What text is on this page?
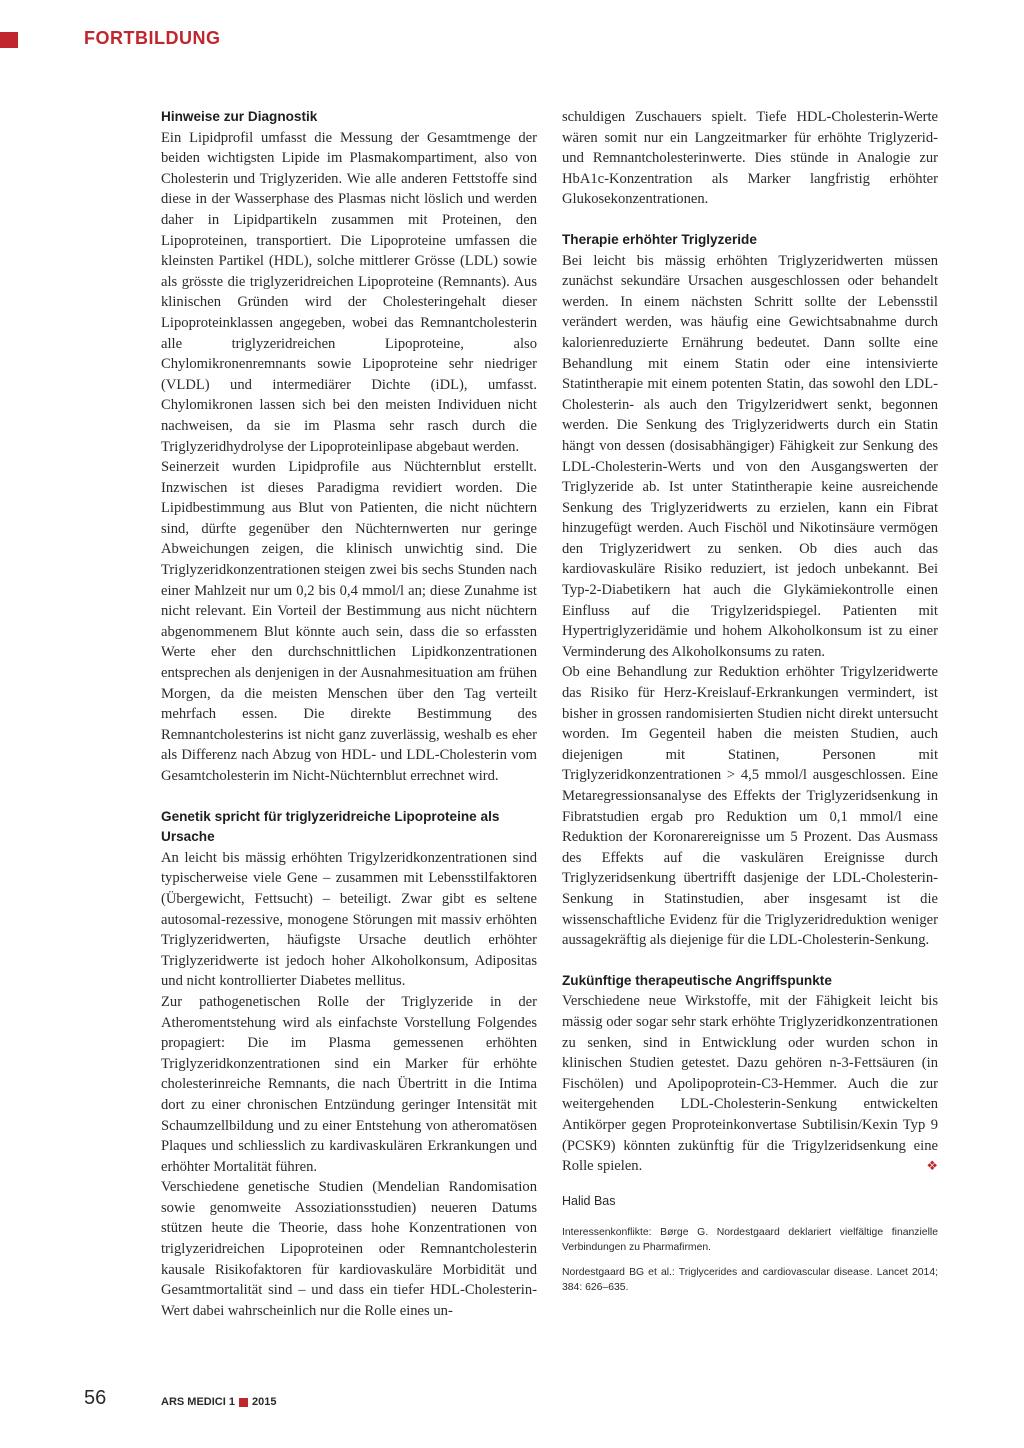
FORTBILDUNG
Hinweise zur Diagnostik

Ein Lipidprofil umfasst die Messung der Gesamtmenge der beiden wichtigsten Lipide im Plasmakompartiment, also von Cholesterin und Triglyzeriden. Wie alle anderen Fettstoffe sind diese in der Wasserphase des Plasmas nicht löslich und werden daher in Lipidpartikeln zusammen mit Proteinen, den Lipoproteinen, transportiert. Die Lipoproteine umfassen die kleinsten Partikel (HDL), solche mittlerer Grösse (LDL) sowie als grösste die triglyzeridreichen Lipoproteine (Remnants). Aus klinischen Gründen wird der Cholesteringehalt dieser Lipoproteinklassen angegeben, wobei das Remnantcholesterin alle triglyzeridreichen Lipoproteine, also Chylomikronenremnants sowie Lipoproteine sehr niedriger (VLDL) und intermediärer Dichte (iDL), umfasst. Chylomikronen lassen sich bei den meisten Individuen nicht nachweisen, da sie im Plasma sehr rasch durch die Triglyzeridhydrolyse der Lipoproteinlipase abgebaut werden.

Seinerzeit wurden Lipidprofile aus Nüchternblut erstellt. Inzwischen ist dieses Paradigma revidiert worden. Die Lipidbestimmung aus Blut von Patienten, die nicht nüchtern sind, dürfte gegenüber den Nüchternwerten nur geringe Abweichungen zeigen, die klinisch unwichtig sind. Die Triglyzeridkonzentrationen steigen zwei bis sechs Stunden nach einer Mahlzeit nur um 0,2 bis 0,4 mmol/l an; diese Zunahme ist nicht relevant. Ein Vorteil der Bestimmung aus nicht nüchtern abgenommenem Blut könnte auch sein, dass die so erfassten Werte eher den durchschnittlichen Lipidkonzentrationen entsprechen als denjenigen in der Ausnahmesituation am frühen Morgen, da die meisten Menschen über den Tag verteilt mehrfach essen. Die direkte Bestimmung des Remnantcholesterins ist nicht ganz zuverlässig, weshalb es eher als Differenz nach Abzug von HDL- und LDL-Cholesterin vom Gesamtcholesterin im Nicht-Nüchternblut errechnet wird.

Genetik spricht für triglyzeridreiche Lipoproteine als Ursache

An leicht bis mässig erhöhten Trigylzeridkonzentrationen sind typischerweise viele Gene – zusammen mit Lebensstilfaktoren (Übergewicht, Fettsucht) – beteiligt. Zwar gibt es seltene autosomal-rezessive, monogene Störungen mit massiv erhöhten Triglyzeridwerten, häufigste Ursache deutlich erhöhter Triglyzeridwerte ist jedoch hoher Alkoholkonsum, Adipositas und nicht kontrollierter Diabetes mellitus.

Zur pathogenetischen Rolle der Triglyzeride in der Atheromentstehung wird als einfachste Vorstellung Folgendes propagiert: Die im Plasma gemessenen erhöhten Triglyzeridkonzentrationen sind ein Marker für erhöhte cholesterinreiche Remnants, die nach Übertritt in die Intima dort zu einer chronischen Entzündung geringer Intensität mit Schaumzellbildung und zu einer Entstehung von atheromatösen Plaques und schliesslich zu kardivaskulären Erkrankungen und erhöhter Mortalität führen.

Verschiedene genetische Studien (Mendelian Randomisation sowie genomweite Assoziationsstudien) neueren Datums stützen heute die Theorie, dass hohe Konzentrationen von triglyzeridreichen Lipoproteinen oder Remnantcholesterin kausale Risikofaktoren für kardiovaskuläre Morbidität und Gesamtmortalität sind – und dass ein tiefer HDL-Cholesterin-Wert dabei wahrscheinlich nur die Rolle eines un-

schuldigen Zuschauers spielt. Tiefe HDL-Cholesterin-Werte wären somit nur ein Langzeitmarker für erhöhte Triglyzerid- und Remnantcholesterinwerte. Dies stünde in Analogie zur HbA1c-Konzentration als Marker langfristig erhöhter Glukosekonzentrationen.

Therapie erhöhter Triglyzeride

Bei leicht bis mässig erhöhten Triglyzeridwerten müssen zunächst sekundäre Ursachen ausgeschlossen oder behandelt werden. In einem nächsten Schritt sollte der Lebensstil verändert werden, was häufig eine Gewichtsabnahme durch kalorienreduzierte Ernährung bedeutet. Dann sollte eine Behandlung mit einem Statin oder eine intensivierte Statintherapie mit einem potenten Statin, das sowohl den LDL-Cholesterin- als auch den Trigylzeridwert senkt, begonnen werden. Die Senkung des Triglyzeridwerts durch ein Statin hängt von dessen (dosisabhängiger) Fähigkeit zur Senkung des LDL-Cholesterin-Werts und von den Ausgangswerten der Triglyzeride ab. Ist unter Statintherapie keine ausreichende Senkung des Triglyzeridwerts zu erzielen, kann ein Fibrat hinzugefügt werden. Auch Fischöl und Nikotinsäure vermögen den Triglyzeridwert zu senken. Ob dies auch das kardiovaskuläre Risiko reduziert, ist jedoch unbekannt. Bei Typ-2-Diabetikern hat auch die Glykämiekontrolle einen Einfluss auf die Trigylzeridspiegel. Patienten mit Hypertriglyzeridämie und hohem Alkoholkonsum ist zu einer Verminderung des Alkoholkonsums zu raten.

Ob eine Behandlung zur Reduktion erhöhter Trigylzeridwerte das Risiko für Herz-Kreislauf-Erkrankungen vermindert, ist bisher in grossen randomisierten Studien nicht direkt untersucht worden. Im Gegenteil haben die meisten Studien, auch diejenigen mit Statinen, Personen mit Triglyzeridkonzentrationen > 4,5 mmol/l ausgeschlossen. Eine Metaregressionsanalyse des Effekts der Triglyzeridsenkung in Fibratstudien ergab pro Reduktion um 0,1 mmol/l eine Reduktion der Koronarereignisse um 5 Prozent. Das Ausmass des Effekts auf die vaskulären Ereignisse durch Triglyzeridsenkung übertrifft dasjenige der LDL-Cholesterin-Senkung in Statinstudien, aber insgesamt ist die wissenschaftliche Evidenz für die Triglyzeridreduktion weniger aussagekräftig als diejenige für die LDL-Cholesterin-Senkung.

Zukünftige therapeutische Angriffspunkte

Verschiedene neue Wirkstoffe, mit der Fähigkeit leicht bis mässig oder sogar sehr stark erhöhte Triglyzeridkonzentrationen zu senken, sind in Entwicklung oder wurden schon in klinischen Studien getestet. Dazu gehören n-3-Fettsäuren (in Fischölen) und Apolipoprotein-C3-Hemmer. Auch die zur weitergehenden LDL-Cholesterin-Senkung entwickelten Antikörper gegen Proproteinkonvertase Subtilisin/Kexin Typ 9 (PCSK9) könnten zukünftig für die Trigylzeridsenkung eine Rolle spielen.	❖

Halid Bas
Interessenkonflikte: Børge G. Nordestgaard deklariert vielfältige finanzielle Verbindungen zu Pharmafirmen.
Nordestgaard BG et al.: Triglycerides and cardiovascular disease. Lancet 2014; 384: 626–635.
56	ARS MEDICI 1 2015
